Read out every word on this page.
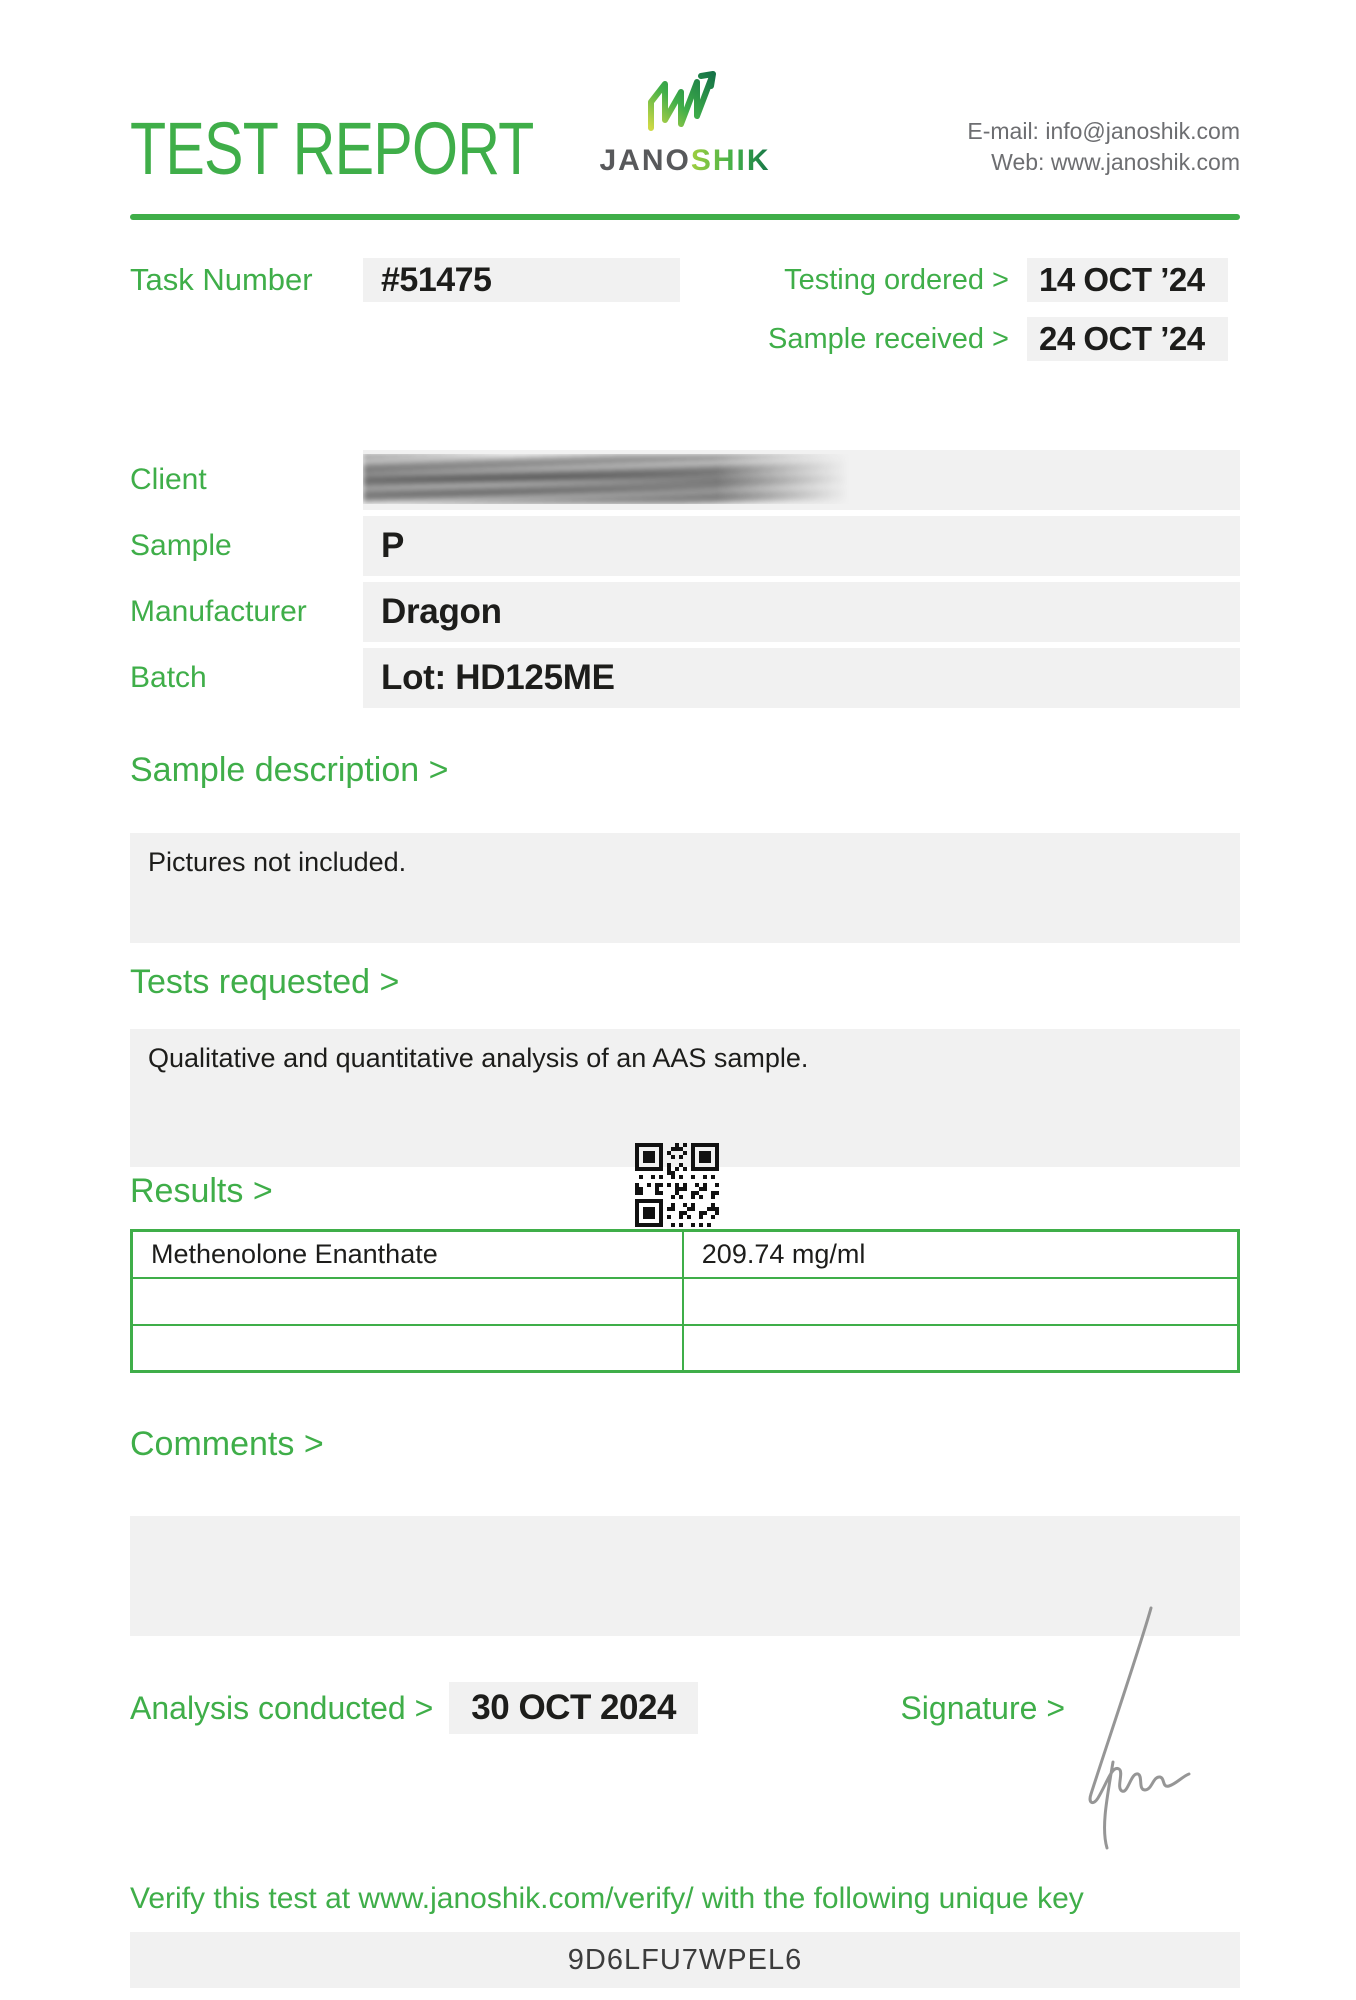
TEST REPORT	JANOSHIK
E-mail: info@janoshik.com
Web: www.janoshik.com
Task Number	#51475	Testing ordered > 14 OCT ’24
Sample received > 24 OCT ’24
Client
Sample	P
Manufacturer	Dragon
Batch	Lot: HD125ME
Sample description >
Pictures not included.
Tests requested >
Qualitative and quantitative analysis of an AAS sample.
Results >
Methenolone Enanthate	209.74 mg/ml

Comments >
Analysis conducted >	30 OCT 2024	Signature >
Verify this test at www.janoshik.com/verify/ with the following unique key
9D6LFU7WPEL6
